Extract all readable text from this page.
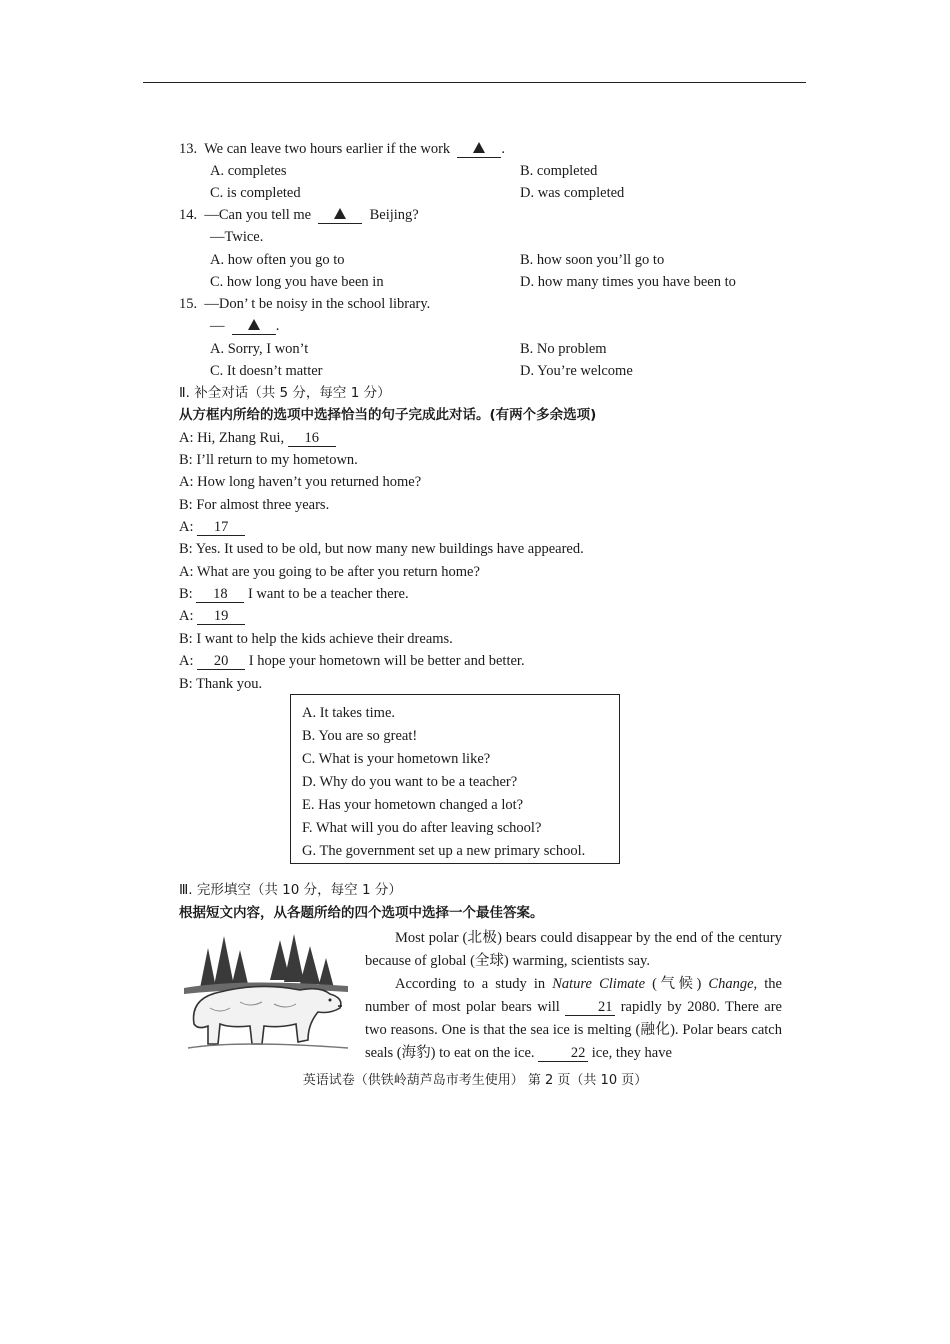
13. We can leave two hours earlier if the work	.
A. completes	B. completed
C. is completed	D. was completed
14. —Can you tell me	Beijing?
—Twice.
A. how often you go to	B. how soon you’ll go to
C. how long you have been in	D. how many times you have been to
15. —Don’ t be noisy in the school library.
—	.
A. Sorry, I won’t	B. No problem
C. It doesn’t matter	D. You’re welcome
Ⅱ. 补全对话（共 5 分，每空 1 分）
从方框内所给的选项中选择恰当的句子完成此对话。(有两个多余选项)
A: Hi, Zhang Rui, 16
B: I’ll return to my hometown.
A: How long haven’t you returned home?
B: For almost three years.
A: 17
B: Yes. It used to be old, but now many new buildings have appeared.
A: What are you going to be after you return home?
B: 18 I want to be a teacher there.
A: 19
B: I want to help the kids achieve their dreams.
A: 20 I hope your hometown will be better and better.
B: Thank you.
A. It takes time.
B. You are so great!
C. What is your hometown like?
D. Why do you want to be a teacher?
E. Has your hometown changed a lot?
F. What will you do after leaving school?
G. The government set up a new primary school.
Ⅲ. 完形填空（共 10 分，每空 1 分）
根据短文内容，从各题所给的四个选项中选择一个最佳答案。

Most polar (北极) bears could disappear by the end of the century because of global (全球) warming, scientists say.

According to a study in Nature Climate (气候) Change, the number of most polar bears will 21 rapidly by 2080. There are two reasons. One is that the sea ice is melting (融化). Polar bears catch seals (海豹) to eat on the ice. 22 ice, they have

英语试卷（供铁岭葫芦岛市考生使用） 第 2 页（共 10 页）
